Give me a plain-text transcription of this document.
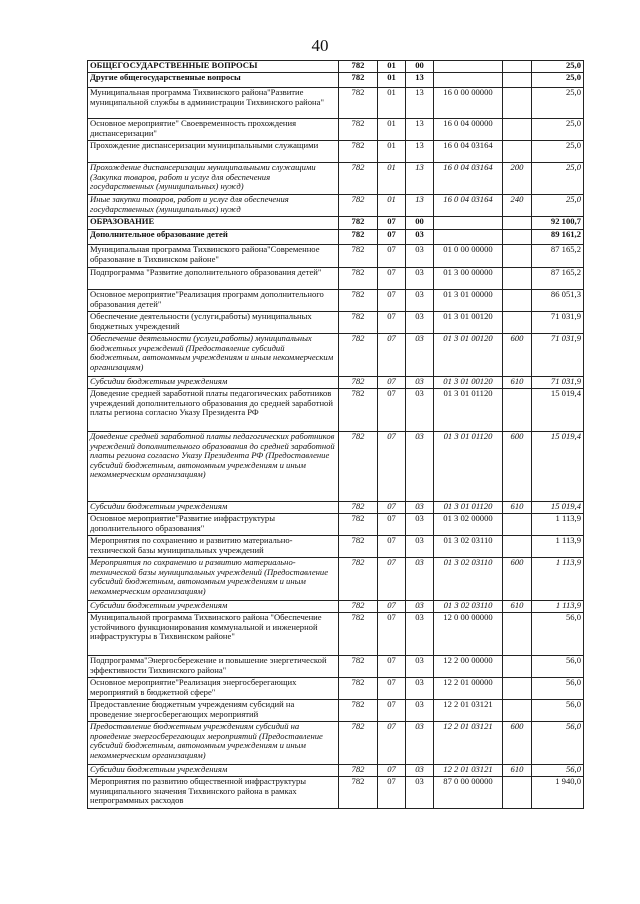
40
ОБЩЕГОСУДАРСТВЕННЫЕ ВОПРОСЫ	782	01	00			25,0
Другие общегосударственные вопросы	782	01	13			25,0
Муниципальная программа Тихвинского района"Развитие муниципальной службы в администрации Тихвинского района"	782	01	13	16 0 00 00000		25,0
Основное мероприятие" Своевременность прохождения диспансеризации"	782	01	13	16 0 04 00000		25,0
Прохождение диспансеризации муниципальными служащими	782	01	13	16 0 04 03164		25,0
Прохождение диспансеризации муниципальными служащими (Закупка товаров, работ и услуг для обеспечения государственных (муниципальных) нужд)	782	01	13	16 0 04 03164	200	25,0
Иные закупки товаров, работ и услуг для обеспечения государственных (муниципальных) нужд	782	01	13	16 0 04 03164	240	25,0
ОБРАЗОВАНИЕ	782	07	00			92 100,7
Дополнительное образование детей	782	07	03			89 161,2
Муниципальная программа Тихвинского района"Современное образование в Тихвинском районе"	782	07	03	01 0 00 00000		87 165,2
Подпрограмма "Развитие дополнительного образования детей"	782	07	03	01 3 00 00000		87 165,2
Основное мероприятие"Реализация программ дополнительного образования детей"	782	07	03	01 3 01 00000		86 051,3
Обеспечение деятельности (услуги,работы) муниципальных бюджетных учреждений	782	07	03	01 3 01 00120		71 031,9
Обеспечение деятельности (услуги,работы) муниципальных бюджетных учреждений (Предоставление субсидий бюджетным, автономным учреждениям и иным некоммерческим организациям)	782	07	03	01 3 01 00120	600	71 031,9
Субсидии бюджетным учреждениям	782	07	03	01 3 01 00120	610	71 031,9
Доведение средней заработной платы педагогических работников учреждений дополнительного образования до средней заработной платы региона согласно Указу Президента РФ	782	07	03	01 3 01 01120		15 019,4
Доведение средней заработной платы педагогических работников учреждений дополнительного образования до средней заработной платы региона согласно Указу Президента РФ (Предоставление субсидий бюджетным, автономным учреждениям и иным некоммерческим организациям)	782	07	03	01 3 01 01120	600	15 019,4
Субсидии бюджетным учреждениям	782	07	03	01 3 01 01120	610	15 019,4
Основное мероприятие"Развитие инфраструктуры дополнительного образования"	782	07	03	01 3 02 00000		1 113,9
Мероприятия по сохранению и развитию материально-технической базы муниципальных учреждений	782	07	03	01 3 02 03110		1 113,9
Мероприятия по сохранению и развитию материально-технической базы муниципальных учреждений (Предоставление субсидий бюджетным, автономным учреждениям и иным некоммерческим организациям)	782	07	03	01 3 02 03110	600	1 113,9
Субсидии бюджетным учреждениям	782	07	03	01 3 02 03110	610	1 113,9
Муниципальной программа Тихвинского района "Обеспечение устойчивого функционирования коммунальной и инженерной инфраструктуры в Тихвинском районе"	782	07	03	12 0 00 00000		56,0
Подпрограмма"Энергосбережение и повышение энергетической эффективности Тихвинского района"	782	07	03	12 2 00 00000		56,0
Основное мероприятие"Реализация энергосберегающих мероприятий в бюджетной сфере"	782	07	03	12 2 01 00000		56,0
Предоставление бюджетным учреждениям субсидий на проведение энергосберегающих мероприятий	782	07	03	12 2 01 03121		56,0
Предоставление бюджетным учреждениям субсидий на проведение энергосберегающих мероприятий (Предоставление субсидий бюджетным, автономным учреждениям и иным некоммерческим организациям)	782	07	03	12 2 01 03121	600	56,0
Субсидии бюджетным учреждениям	782	07	03	12 2 01 03121	610	56,0
Мероприятия по развитию общественной инфраструктуры муниципального значения Тихвинского района в рамках непрограммных расходов	782	07	03	87 0 00 00000		1 940,0
